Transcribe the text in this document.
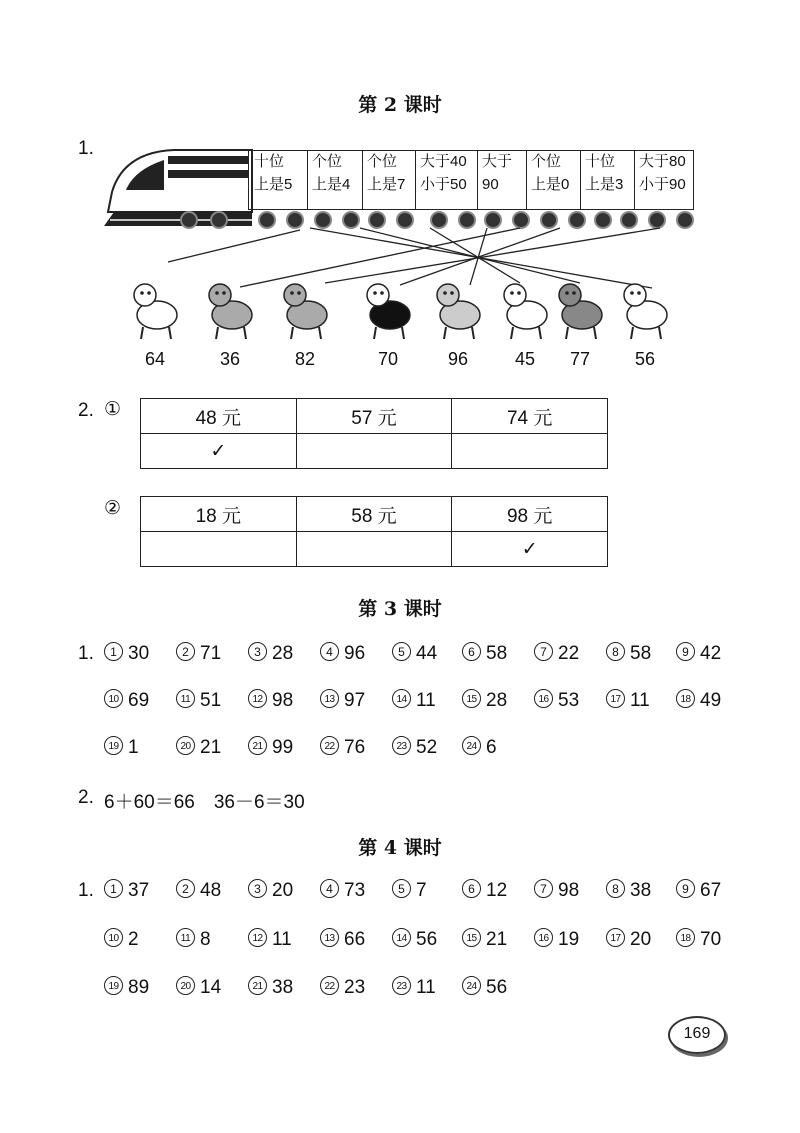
第 2 课时
1.
十位
上是5
个位
上是4
个位
上是7
大于40
小于50
大于
90
个位
上是0
十位
上是3
大于80
小于90
64	36	82	70	96	45	77	56
2. ①	48 元	57 元	74 元
✓		
②	18 元	58 元	98 元
		✓
第 3 课时
1.	1 30	2 71	3 28	4 96	5 44	6 58	7 22	8 58	9 42
10 69	11 51	12 98	13 97	14 11	15 28	16 53	17 11	18 49
19 1	20 21	21 99	22 76	23 52	24 6
2. 6＋60＝66　36－6＝30
第 4 课时
1.	1 37	2 48	3 20	4 73	5 7	6 12	7 98	8 38	9 67
10 2	11 8	12 11	13 66	14 56	15 21	16 19	17 20	18 70
19 89	20 14	21 38	22 23	23 11	24 56
169
